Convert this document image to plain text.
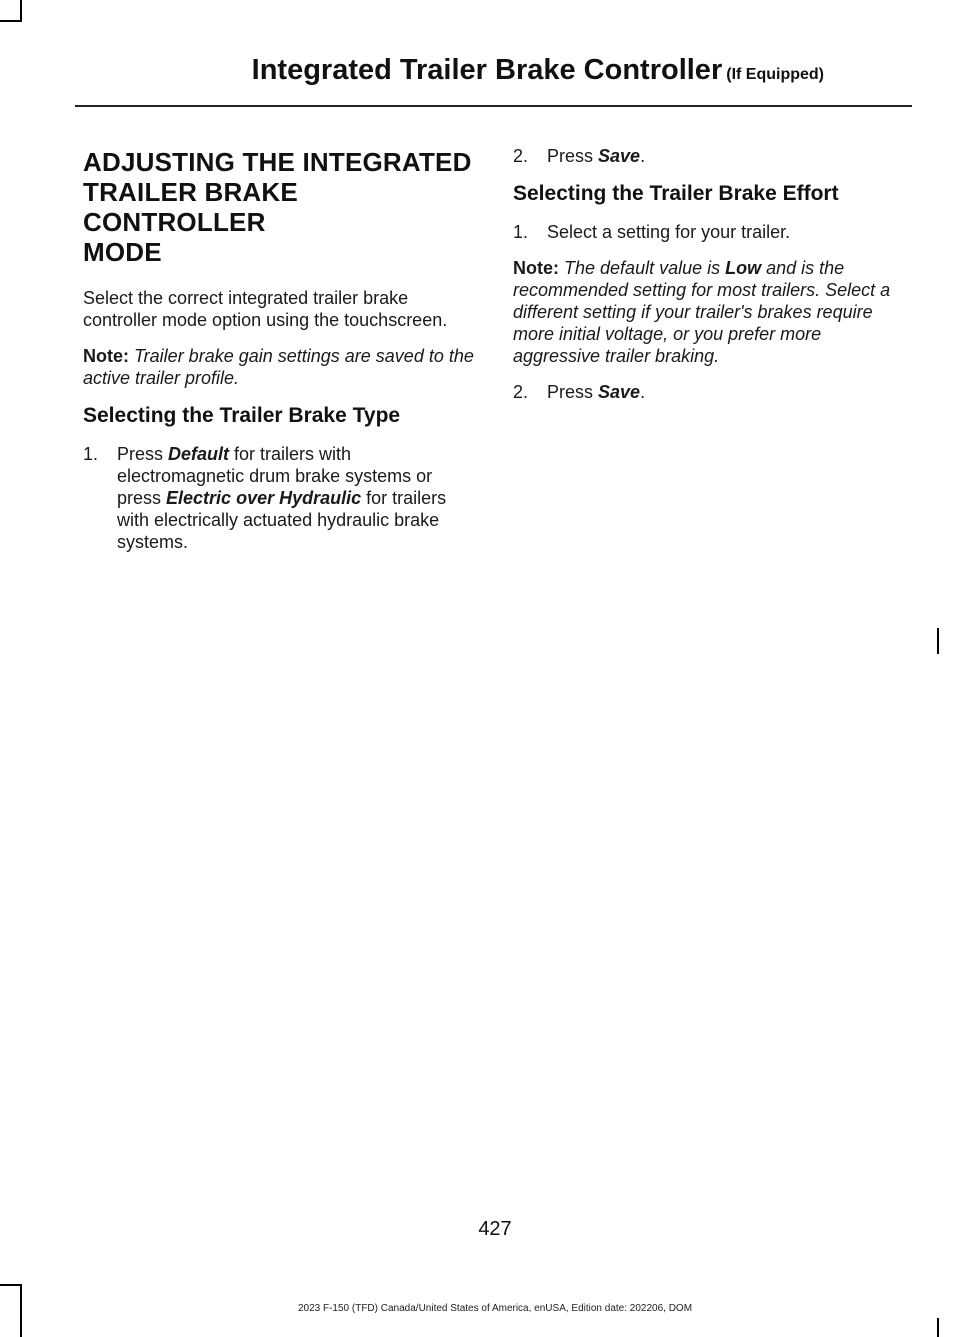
Integrated Trailer Brake Controller (If Equipped)
ADJUSTING THE INTEGRATED
TRAILER BRAKE CONTROLLER
MODE

Select the correct integrated trailer brake controller mode option using the touchscreen.

Note: Trailer brake gain settings are saved to the active trailer profile.

Selecting the Trailer Brake Type
1. Press Default for trailers with electromagnetic drum brake systems or press Electric over Hydraulic for trailers with electrically actuated hydraulic brake systems.
2. Press Save.
Selecting the Trailer Brake Effort
1. Select a setting for your trailer.

Note: The default value is Low and is the recommended setting for most trailers. Select a different setting if your trailer's brakes require more initial voltage, or you prefer more aggressive trailer braking.

2. Press Save.
427
2023 F-150 (TFD) Canada/United States of America, enUSA, Edition date: 202206, DOM
